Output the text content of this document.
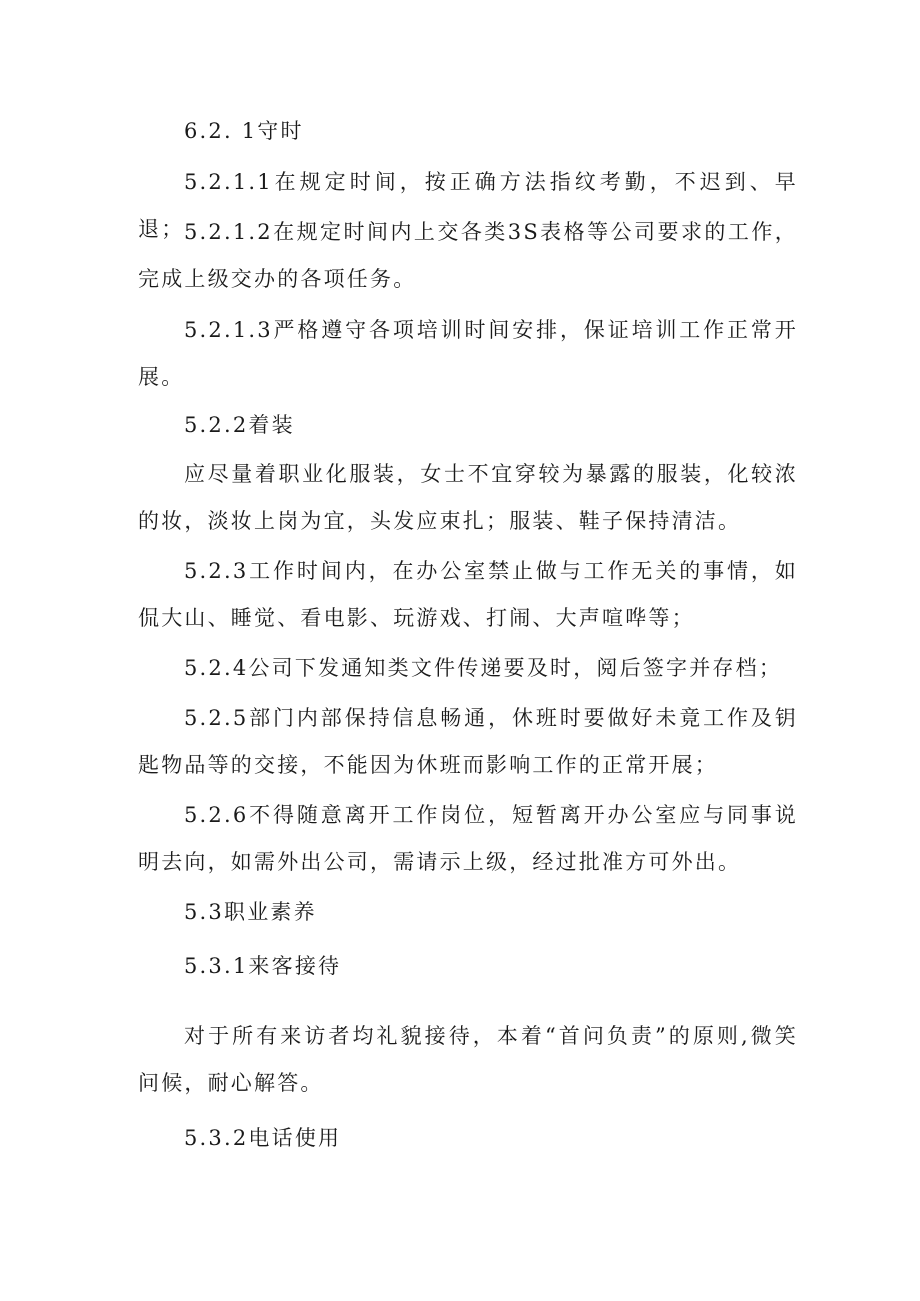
6.2. 1守时

5.2.1.1在规定时间，按正确方法指纹考勤，不迟到、早退； 5.2.1.2在规定时间内上交各类3S表格等公司要求的工作，完成上级交办的各项任务。

5.2.1.3严格遵守各项培训时间安排，保证培训工作正常开展。

5.2.2着装

应尽量着职业化服装，女士不宜穿较为暴露的服装，化较浓的妆，淡妆上岗为宜，头发应束扎；服装、鞋子保持清洁。

5.2.3工作时间内，在办公室禁止做与工作无关的事情，如侃大山、睡觉、看电影、玩游戏、打闹、大声喧哗等；

5.2.4公司下发通知类文件传递要及时，阅后签字并存档；

5.2.5部门内部保持信息畅通，休班时要做好未竟工作及钥匙物品等的交接，不能因为休班而影响工作的正常开展；

5.2.6不得随意离开工作岗位，短暂离开办公室应与同事说明去向，如需外出公司，需请示上级，经过批准方可外出。

5.3职业素养

5.3.1来客接待

对于所有来访者均礼貌接待，本着“首问负责”的原则,微笑问候，耐心解答。

5.3.2电话使用
